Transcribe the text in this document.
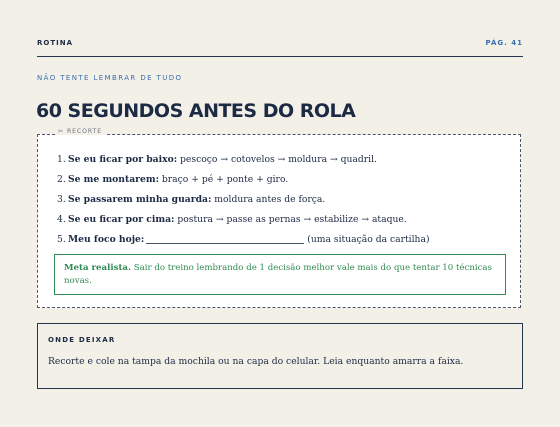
ROTINA	PÁG. 41
NÃO TENTE LEMBRAR DE TUDO
60 SEGUNDOS ANTES DO ROLA
✂ RECORTE
1. Se eu ficar por baixo: pescoço → cotovelos → moldura → quadril.
2. Se me montarem: braço + pé + ponte + giro.
3. Se passarem minha guarda: moldura antes de força.
4. Se eu ficar por cima: postura → passe as pernas → estabilize → ataque.
5. Meu foco hoje:	(uma situação da cartilha)
Meta realista. Sair do treino lembrando de 1 decisão melhor vale mais do que tentar 10 técnicas novas.
ONDE DEIXAR
Recorte e cole na tampa da mochila ou na capa do celular. Leia enquanto amarra a faixa.
